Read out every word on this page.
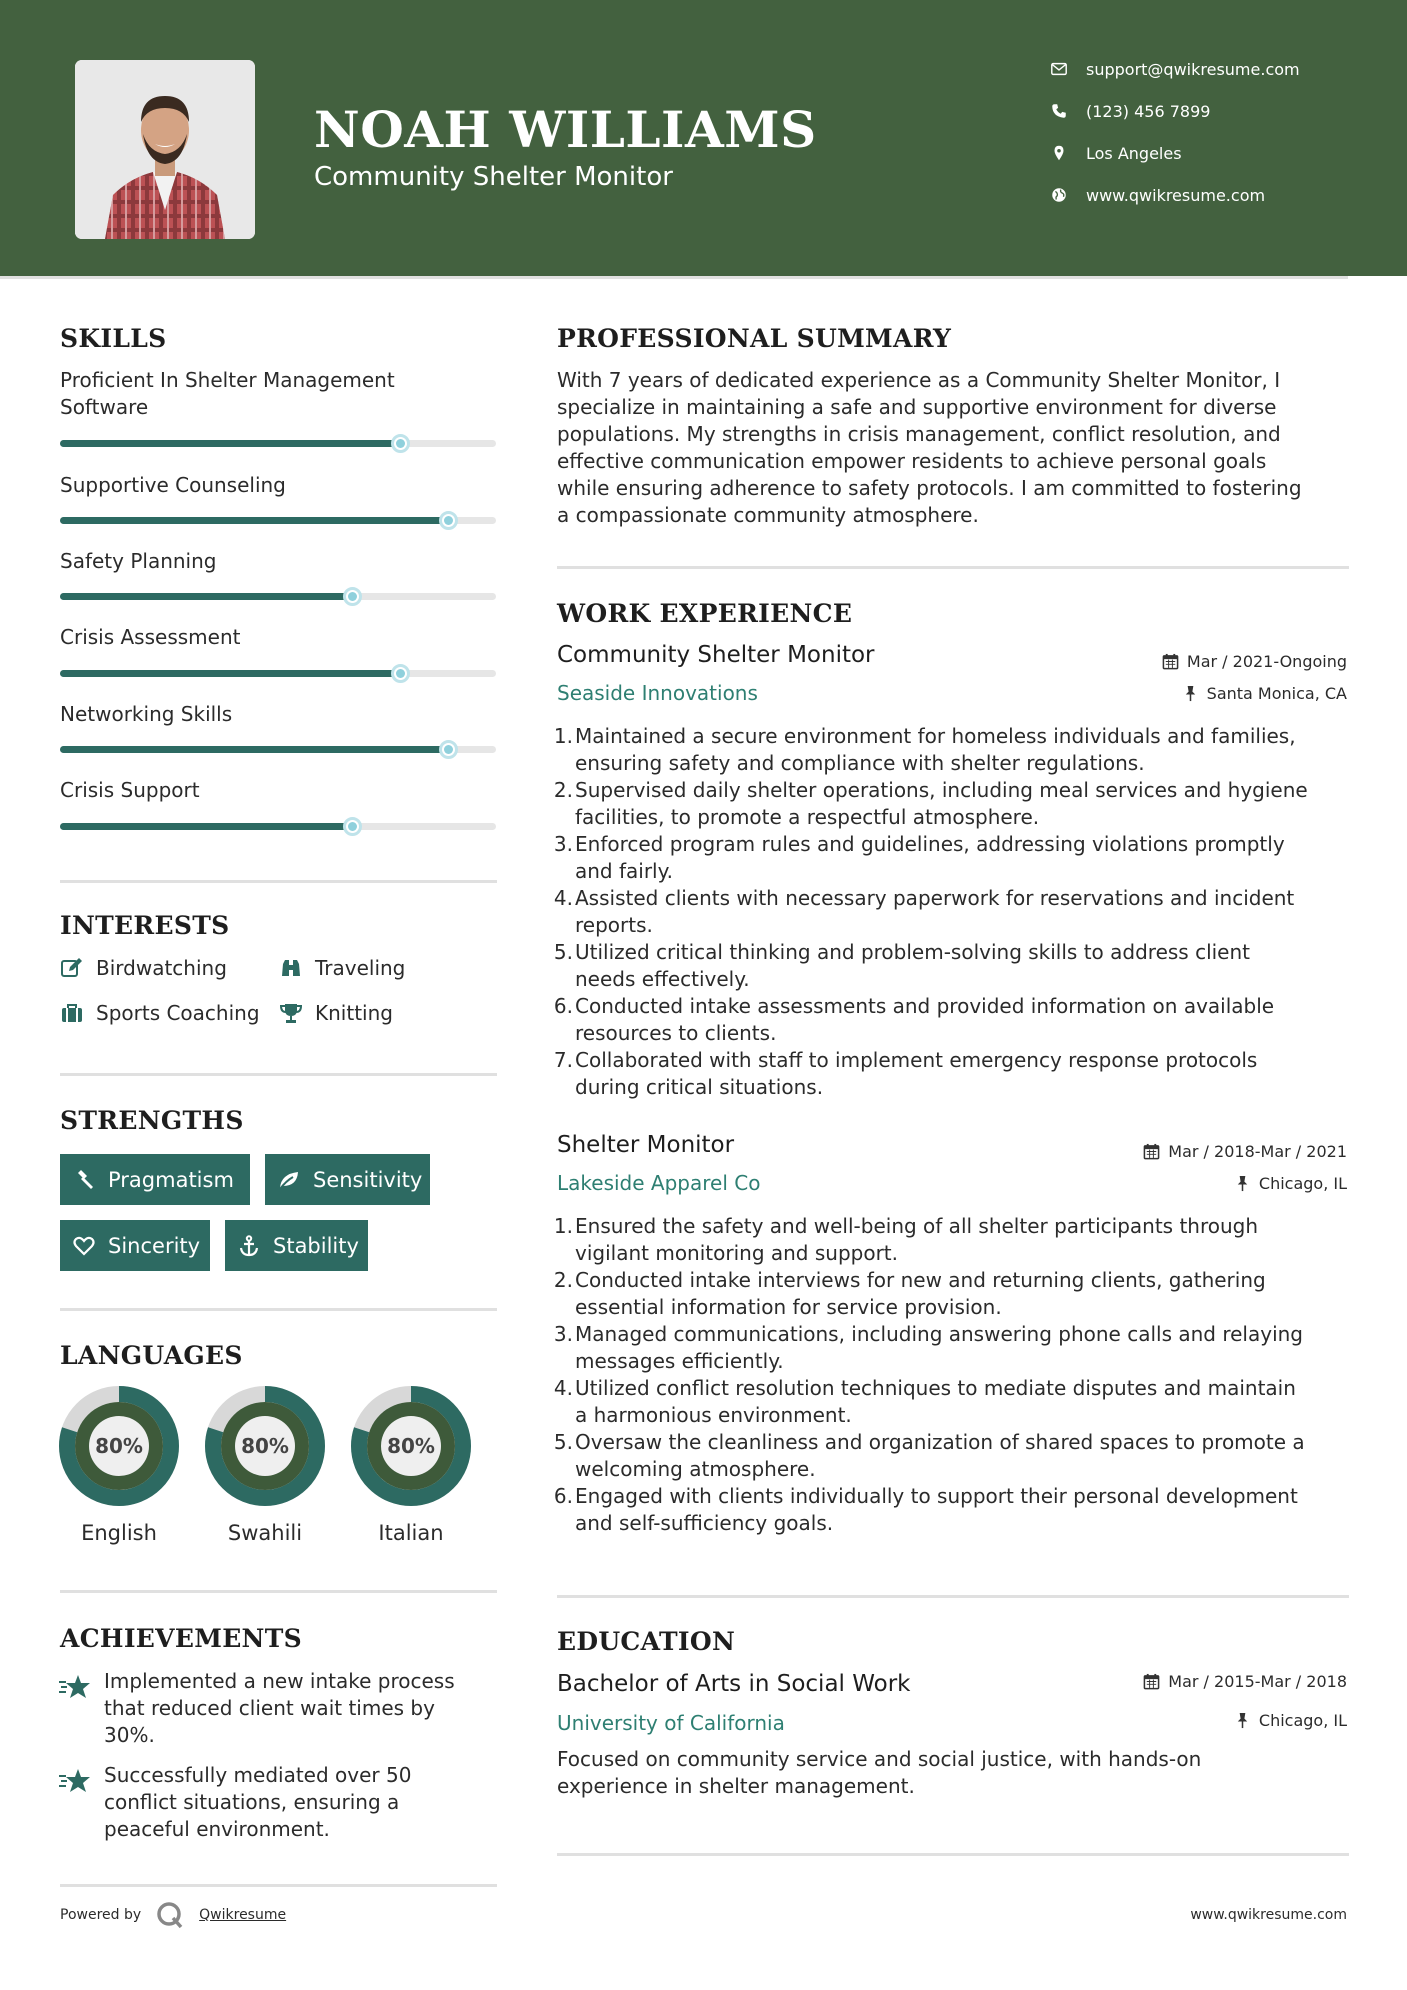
NOAH WILLIAMS
Community Shelter Monitor
support@qwikresume.com
(123) 456 7899
Los Angeles
www.qwikresume.com
SKILLS
Proficient In Shelter Management
Software
Supportive Counseling
Safety Planning
Crisis Assessment
Networking Skills
Crisis Support
INTERESTS
Birdwatching	Traveling
Sports Coaching	Knitting
STRENGTHS
Pragmatism	Sensitivity
Sincerity	Stability
LANGUAGES
80%
English
80%
Swahili
80%
Italian
ACHIEVEMENTS
Implemented a new intake process
that reduced client wait times by
30%.
Successfully mediated over 50
conflict situations, ensuring a
peaceful environment.
PROFESSIONAL SUMMARY
With 7 years of dedicated experience as a Community Shelter Monitor, I
specialize in maintaining a safe and supportive environment for diverse
populations. My strengths in crisis management, conflict resolution, and
effective communication empower residents to achieve personal goals
while ensuring adherence to safety protocols. I am committed to fostering
a compassionate community atmosphere.
WORK EXPERIENCE
Community Shelter Monitor	Mar / 2021-Ongoing
Seaside Innovations	Santa Monica, CA
1 . Maintained a secure environment for homeless individuals and families,
ensuring safety and compliance with shelter regulations.
2 . Supervised daily shelter operations, including meal services and hygiene
facilities, to promote a respectful atmosphere.
3 . Enforced program rules and guidelines, addressing violations promptly
and fairly.
4 . Assisted clients with necessary paperwork for reservations and incident
reports.
5 . Utilized critical thinking and problem-solving skills to address client
needs effectively.
6 . Conducted intake assessments and provided information on available
resources to clients.
7 . Collaborated with staff to implement emergency response protocols
during critical situations.
Shelter Monitor	Mar / 2018-Mar / 2021
Lakeside Apparel Co	Chicago, IL
1 . Ensured the safety and well-being of all shelter participants through
vigilant monitoring and support.
2 . Conducted intake interviews for new and returning clients, gathering
essential information for service provision.
3 . Managed communications, including answering phone calls and relaying
messages efficiently.
4 . Utilized conflict resolution techniques to mediate disputes and maintain
a harmonious environment.
5 . Oversaw the cleanliness and organization of shared spaces to promote a
welcoming atmosphere.
6 . Engaged with clients individually to support their personal development
and self-sufficiency goals.
EDUCATION
Bachelor of Arts in Social Work	Mar / 2015-Mar / 2018
University of California	Chicago, IL
Focused on community service and social justice, with hands-on
experience in shelter management.
Powered by	Qwikresume	www.qwikresume.com
